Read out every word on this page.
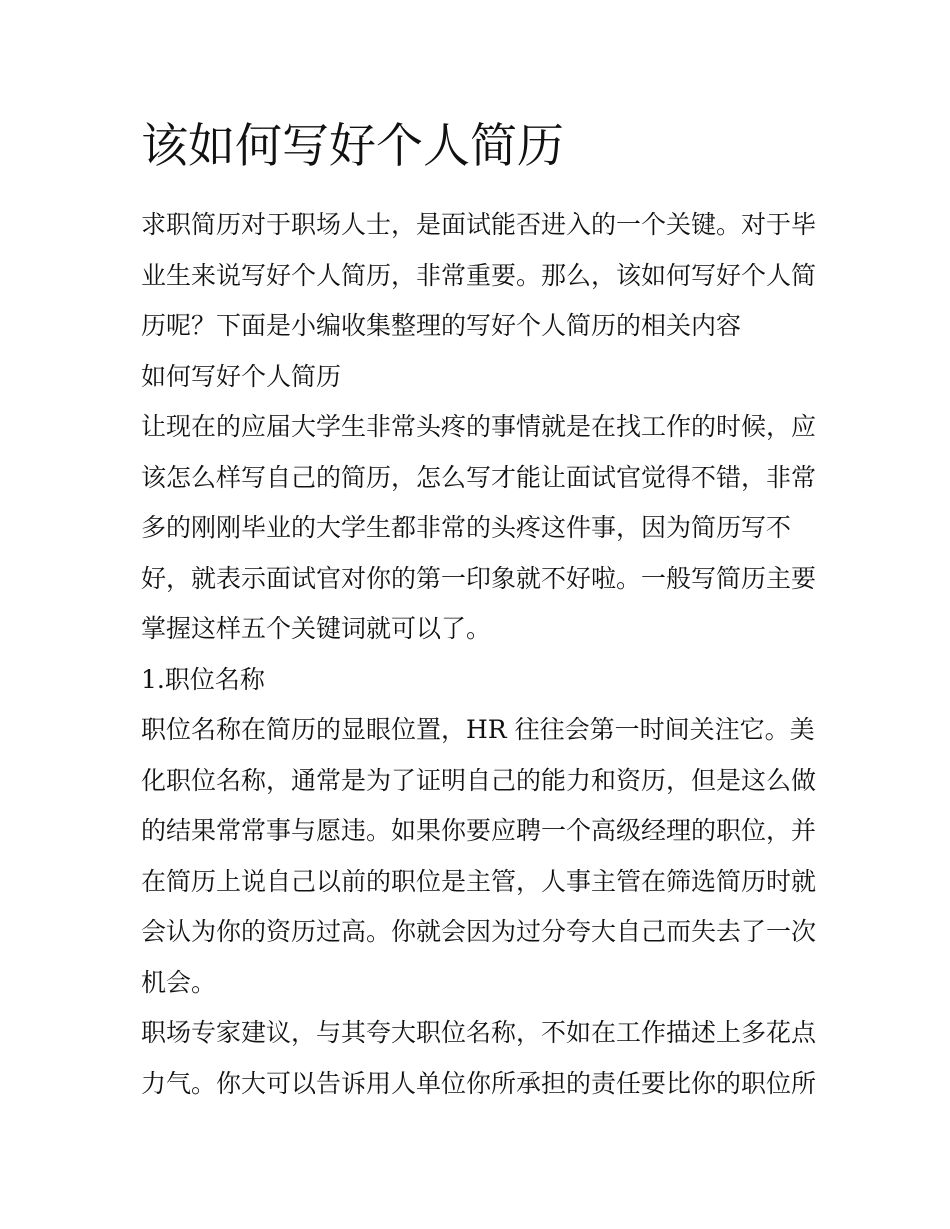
该如何写好个人简历

求职简历对于职场人士，是面试能否进入的一个关键。对于毕
业生来说写好个人简历，非常重要。那么，该如何写好个人简
历呢？下面是小编收集整理的写好个人简历的相关内容

如何写好个人简历

让现在的应届大学生非常头疼的事情就是在找工作的时候，应
该怎么样写自己的简历，怎么写才能让面试官觉得不错，非常
多的刚刚毕业的大学生都非常的头疼这件事，因为简历写不
好，就表示面试官对你的第一印象就不好啦。一般写简历主要
掌握这样五个关键词就可以了。

1.职位名称

职位名称在简历的显眼位置，HR 往往会第一时间关注它。美
化职位名称，通常是为了证明自己的能力和资历，但是这么做
的结果常常事与愿违。如果你要应聘一个高级经理的职位，并
在简历上说自己以前的职位是主管，人事主管在筛选简历时就
会认为你的资历过高。你就会因为过分夸大自己而失去了一次
机会。

职场专家建议，与其夸大职位名称，不如在工作描述上多花点
力气。你大可以告诉用人单位你所承担的责任要比你的职位所
